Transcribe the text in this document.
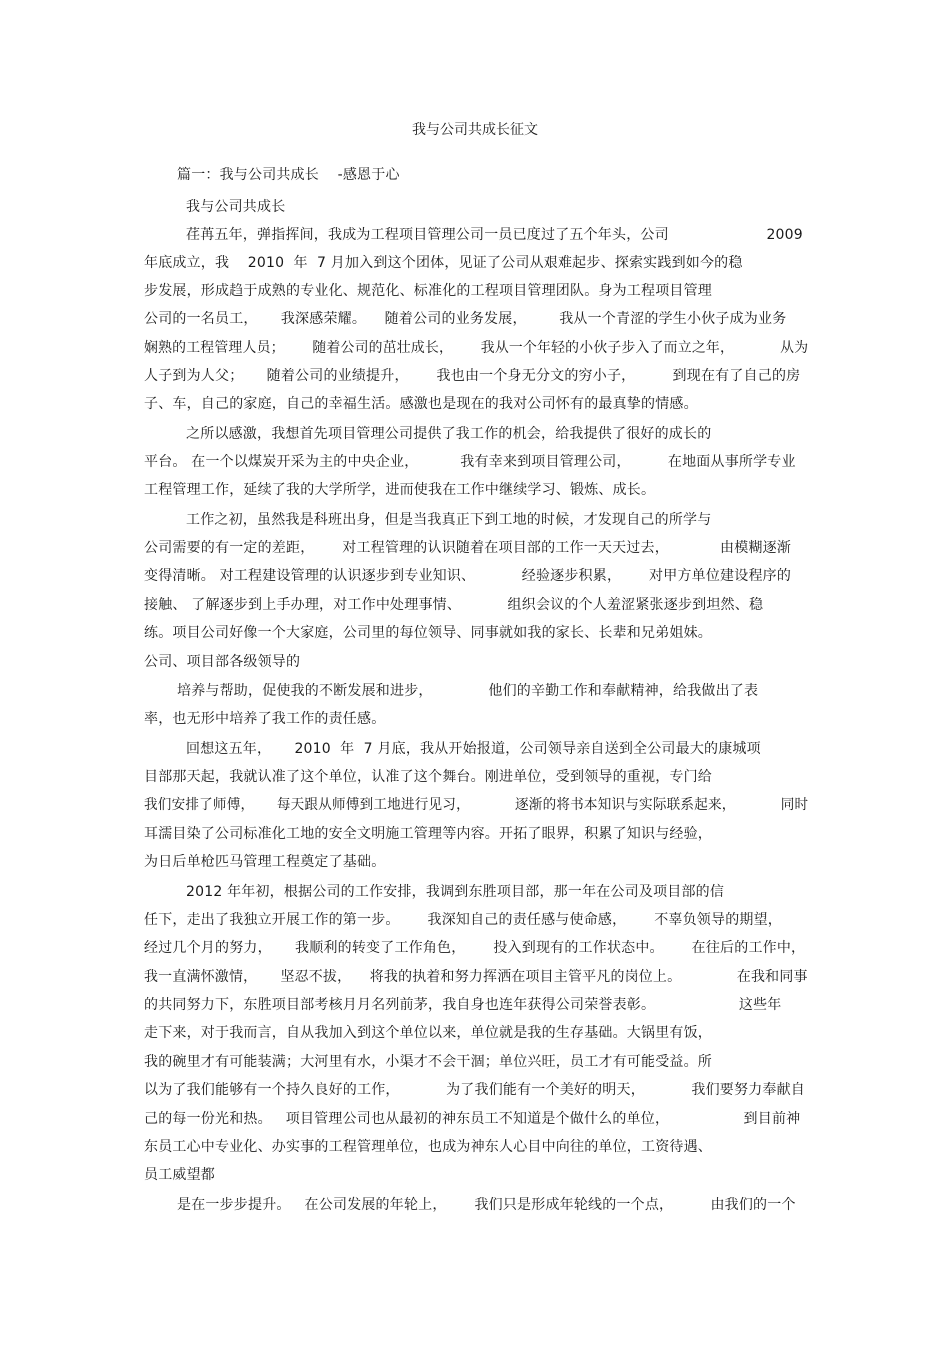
我与公司共成长征文
篇一：我与公司共成长    -感恩于心
我与公司共成长
荏苒五年，弹指挥间，我成为工程项目管理公司一员已度过了五个年头，公司                     2009
年底成立，我    2010  年  7 月加入到这个团体，见证了公司从艰难起步、探索实践到如今的稳
步发展，形成趋于成熟的专业化、规范化、标准化的工程项目管理团队。身为工程项目管理
公司的一名员工，     我深感荣耀。    随着公司的业务发展，       我从一个青涩的学生小伙子成为业务
娴熟的工程管理人员；      随着公司的茁壮成长，      我从一个年轻的小伙子步入了而立之年，          从为
人子到为人父；     随着公司的业绩提升，      我也由一个身无分文的穷小子，        到现在有了自己的房
子、车，自己的家庭，自己的幸福生活。感激也是现在的我对公司怀有的最真挚的情感。
之所以感激，我想首先项目管理公司提供了我工作的机会，给我提供了很好的成长的
平台。 在一个以煤炭开采为主的中央企业，         我有幸来到项目管理公司，        在地面从事所学专业
工程管理工作，延续了我的大学所学，进而使我在工作中继续学习、锻炼、成长。
工作之初，虽然我是科班出身，但是当我真正下到工地的时候，才发现自己的所学与
公司需要的有一定的差距，      对工程管理的认识随着在项目部的工作一天天过去，           由模糊逐渐
变得清晰。 对工程建设管理的认识逐步到专业知识、          经验逐步积累，      对甲方单位建设程序的
接触、 了解逐步到上手办理，对工作中处理事情、          组织会议的个人羞涩紧张逐步到坦然、稳
练。项目公司好像一个大家庭，公司里的每位领导、同事就如我的家长、长辈和兄弟姐妹。
公司、项目部各级领导的
培养与帮助，促使我的不断发展和进步，            他们的辛勤工作和奉献精神，给我做出了表
率，也无形中培养了我工作的责任感。
回想这五年，     2010  年  7 月底，我从开始报道，公司领导亲自送到全公司最大的康城项
目部那天起，我就认准了这个单位，认准了这个舞台。刚进单位，受到领导的重视，专门给
我们安排了师傅，     每天跟从师傅到工地进行见习，          逐渐的将书本知识与实际联系起来，          同时
耳濡目染了公司标准化工地的安全文明施工管理等内容。开拓了眼界，积累了知识与经验，
为日后单枪匹马管理工程奠定了基础。
2012 年年初，根据公司的工作安排，我调到东胜项目部，那一年在公司及项目部的信
任下，走出了我独立开展工作的第一步。      我深知自己的责任感与使命感，      不辜负领导的期望，
经过几个月的努力，     我顺利的转变了工作角色，      投入到现有的工作状态中。      在往后的工作中，
我一直满怀激情，     坚忍不拔，    将我的执着和努力挥洒在项目主管平凡的岗位上。            在我和同事
的共同努力下，东胜项目部考核月月名列前茅，我自身也连年获得公司荣誉表彰。                  这些年
走下来，对于我而言，自从我加入到这个单位以来，单位就是我的生存基础。大锅里有饭，
我的碗里才有可能装满；大河里有水，小渠才不会干涸；单位兴旺，员工才有可能受益。所
以为了我们能够有一个持久良好的工作，          为了我们能有一个美好的明天，          我们要努力奉献自
己的每一份光和热。   项目管理公司也从最初的神东员工不知道是个做什么的单位，                到目前神
东员工心中专业化、办实事的工程管理单位，也成为神东人心目中向往的单位，工资待遇、
员工威望都
是在一步步提升。   在公司发展的年轮上，      我们只是形成年轮线的一个点，        由我们的一个
